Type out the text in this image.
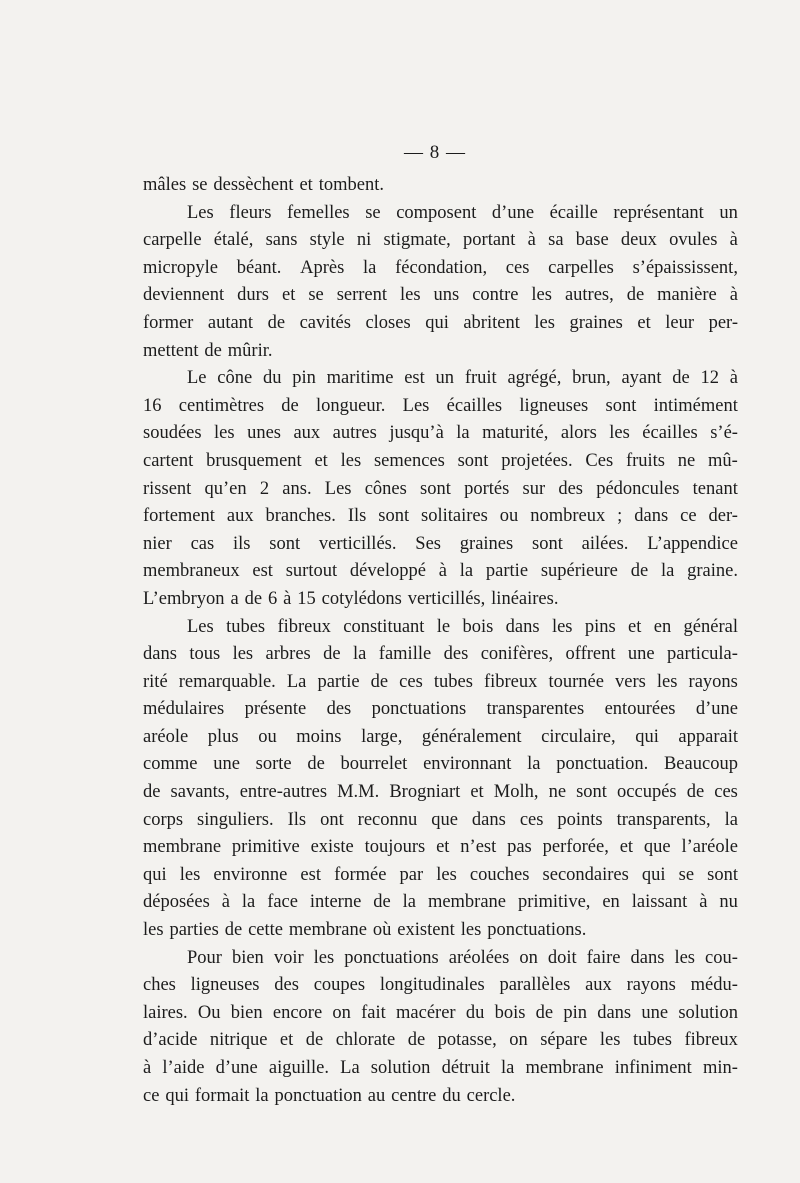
— 8 —
mâles se dessèchent et tombent.
Les fleurs femelles se composent d’une écaille représentant un
carpelle étalé, sans style ni stigmate, portant à sa base deux ovules à
micropyle béant. Après la fécondation, ces carpelles s’épaississent,
deviennent durs et se serrent les uns contre les autres, de manière à
former autant de cavités closes qui abritent les graines et leur per-
mettent de mûrir.
Le cône du pin maritime est un fruit agrégé, brun, ayant de 12 à
16 centimètres de longueur. Les écailles ligneuses sont intimément
soudées les unes aux autres jusqu’à la maturité, alors les écailles s’é-
cartent brusquement et les semences sont projetées. Ces fruits ne mû-
rissent qu’en 2 ans. Les cônes sont portés sur des pédoncules tenant
fortement aux branches. Ils sont solitaires ou nombreux ; dans ce der-
nier cas ils sont verticillés. Ses graines sont ailées. L’appendice
membraneux est surtout développé à la partie supérieure de la graine.
L’embryon a de 6 à 15 cotylédons verticillés, linéaires.
Les tubes fibreux constituant le bois dans les pins et en général
dans tous les arbres de la famille des conifères, offrent une particula-
rité remarquable. La partie de ces tubes fibreux tournée vers les rayons
médulaires présente des ponctuations transparentes entourées d’une
aréole plus ou moins large, généralement circulaire, qui apparait
comme une sorte de bourrelet environnant la ponctuation. Beaucoup
de savants, entre-autres M.M. Brogniart et Molh, ne sont occupés de ces
corps singuliers. Ils ont reconnu que dans ces points transparents, la
membrane primitive existe toujours et n’est pas perforée, et que l’aréole
qui les environne est formée par les couches secondaires qui se sont
déposées à la face interne de la membrane primitive, en laissant à nu
les parties de cette membrane où existent les ponctuations.
Pour bien voir les ponctuations aréolées on doit faire dans les cou-
ches ligneuses des coupes longitudinales parallèles aux rayons médu-
laires. Ou bien encore on fait macérer du bois de pin dans une solution
d’acide nitrique et de chlorate de potasse, on sépare les tubes fibreux
à l’aide d’une aiguille. La solution détruit la membrane infiniment min-
ce qui formait la ponctuation au centre du cercle.
